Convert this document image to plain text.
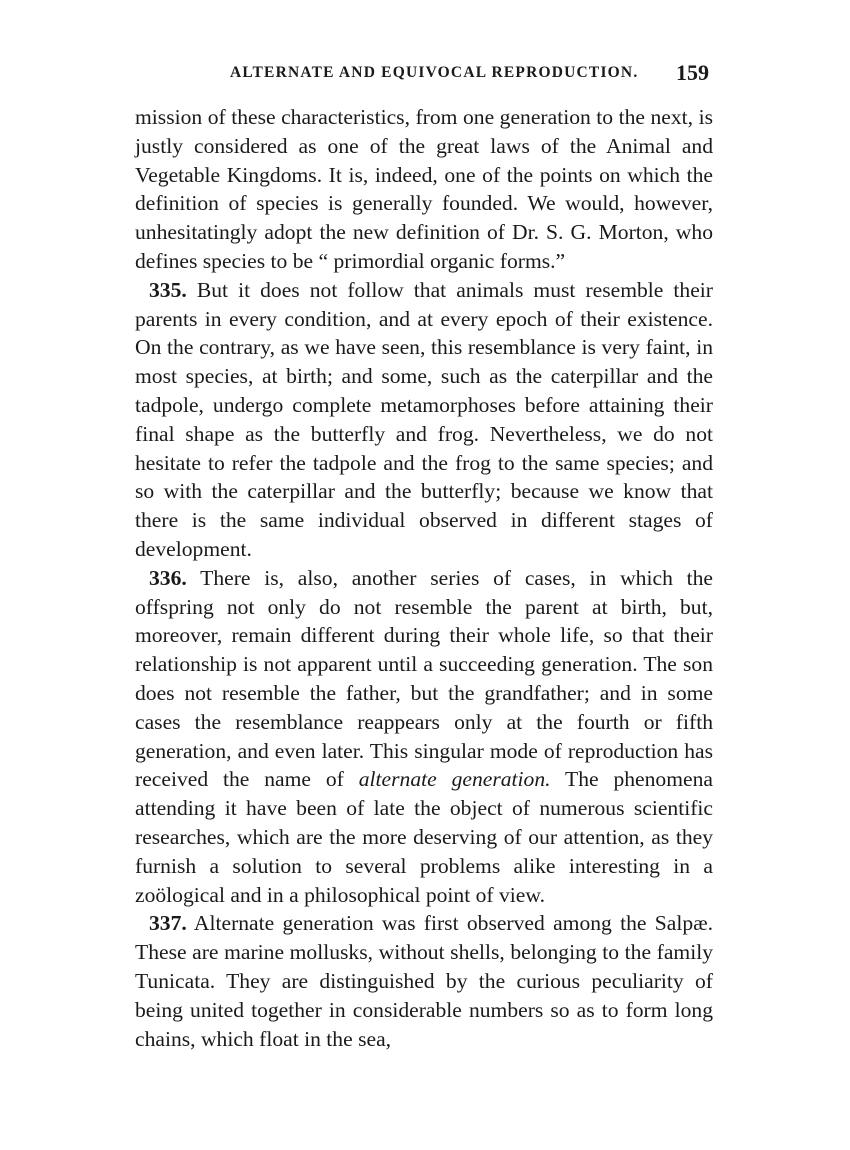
ALTERNATE AND EQUIVOCAL REPRODUCTION. 159

mission of these characteristics, from one generation to the next, is justly considered as one of the great laws of the Animal and Vegetable Kingdoms. It is, indeed, one of the points on which the definition of species is generally founded. We would, however, unhesitatingly adopt the new definition of Dr. S. G. Morton, who defines species to be “ primordial organic forms.”

335. But it does not follow that animals must resemble their parents in every condition, and at every epoch of their existence. On the contrary, as we have seen, this resemblance is very faint, in most species, at birth; and some, such as the caterpillar and the tadpole, undergo complete metamorphoses before attaining their final shape as the butterfly and frog. Nevertheless, we do not hesitate to refer the tadpole and the frog to the same species; and so with the caterpillar and the butterfly; because we know that there is the same individual observed in different stages of development.

336. There is, also, another series of cases, in which the offspring not only do not resemble the parent at birth, but, moreover, remain different during their whole life, so that their relationship is not apparent until a succeeding generation. The son does not resemble the father, but the grandfather; and in some cases the resemblance reappears only at the fourth or fifth generation, and even later. This singular mode of reproduction has received the name of alternate generation. The phenomena attending it have been of late the object of numerous scientific researches, which are the more deserving of our attention, as they furnish a solution to several problems alike interesting in a zoölogical and in a philosophical point of view.

337. Alternate generation was first observed among the Salpæ. These are marine mollusks, without shells, belonging to the family Tunicata. They are distinguished by the curious peculiarity of being united together in considerable numbers so as to form long chains, which float in the sea,
